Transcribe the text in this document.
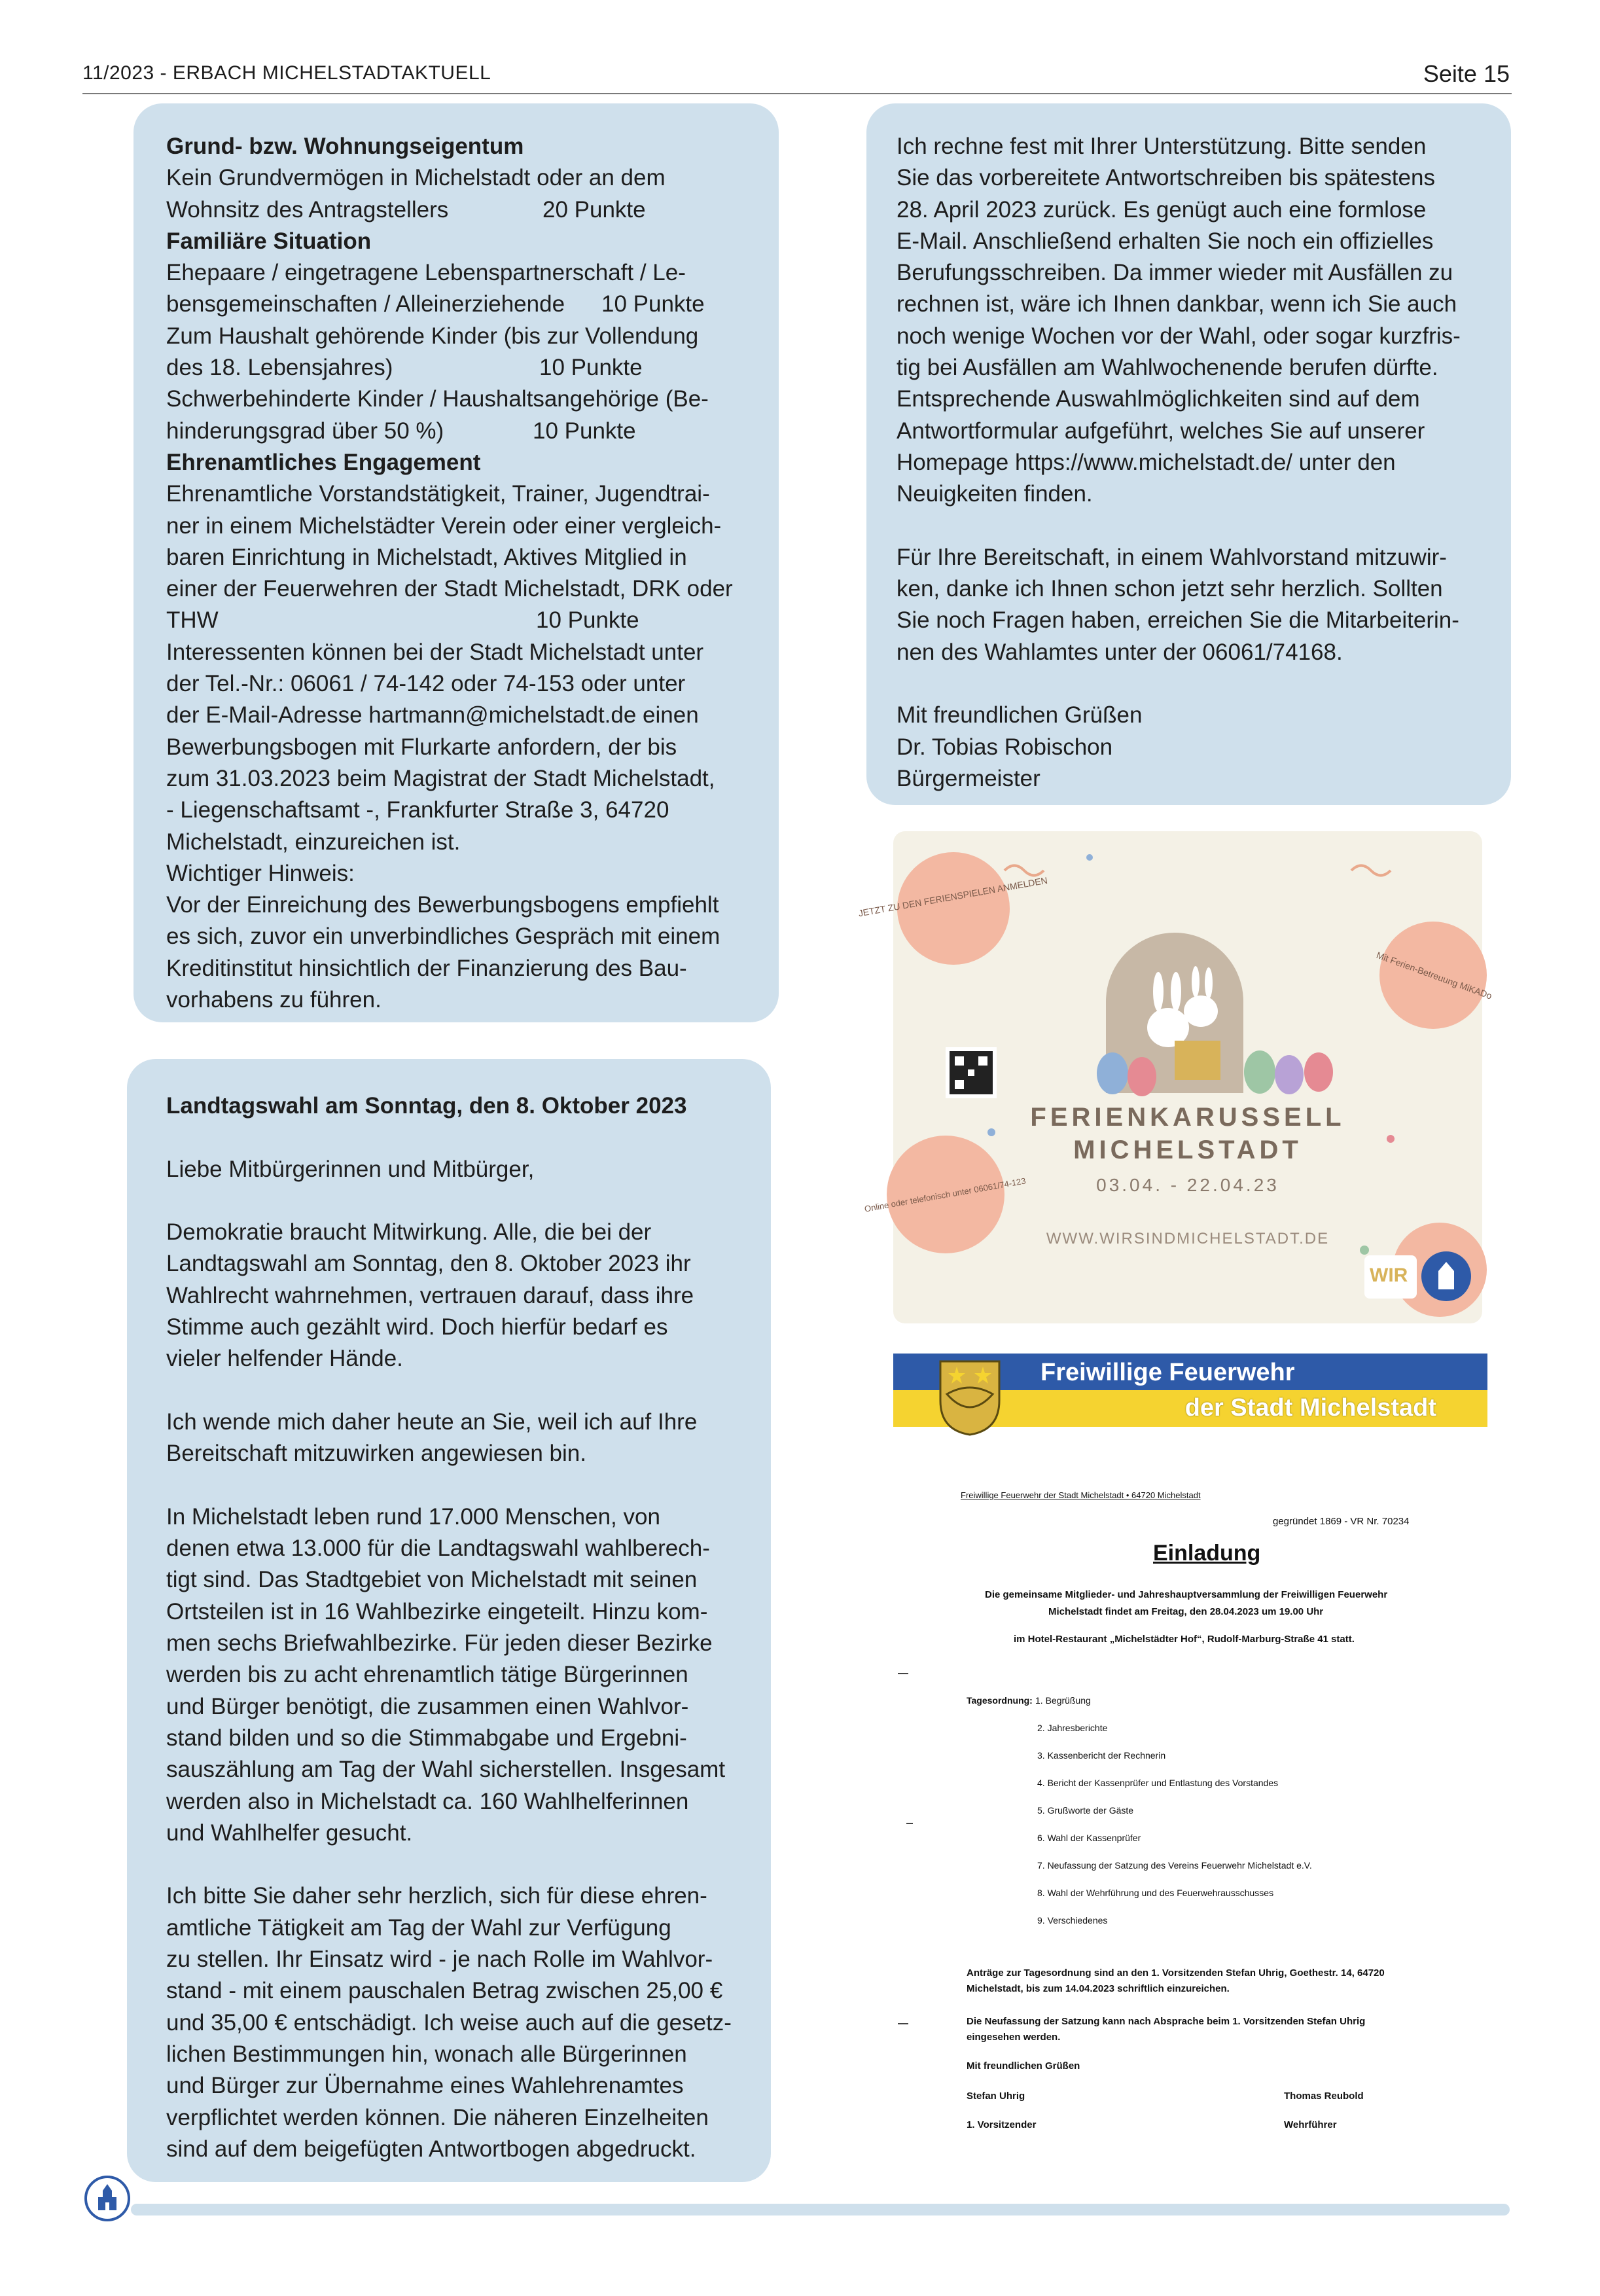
11/2023 - ERBACH MICHELSTADTAKTUELL	Seite 15

Grund- bzw. Wohnungseigentum

Kein Grundvermögen in Michelstadt oder an dem

Wohnsitz des Antragstellers	20 Punkte

Familiäre Situation

Ehepaare / eingetragene Lebenspartnerschaft / Le-

bensgemeinschaften / Alleinerziehende	10 Punkte

Zum Haushalt gehörende Kinder (bis zur Vollendung

des 18. Lebensjahres)	10 Punkte

Schwerbehinderte Kinder / Haushaltsangehörige (Be-

hinderungsgrad über 50 %)	10 Punkte

Ehrenamtliches Engagement

Ehrenamtliche Vorstandstätigkeit, Trainer, Jugendtrai-

ner in einem Michelstädter Verein oder einer vergleich-

baren Einrichtung in Michelstadt, Aktives Mitglied in

einer der Feuerwehren der Stadt Michelstadt, DRK oder

THW	10 Punkte

Interessenten können bei der Stadt Michelstadt unter

der Tel.-Nr.: 06061 / 74-142 oder 74-153 oder unter

der E-Mail-Adresse hartmann@michelstadt.de einen

Bewerbungsbogen mit Flurkarte anfordern, der bis

zum 31.03.2023 beim Magistrat der Stadt Michelstadt,

- Liegenschaftsamt -, Frankfurter Straße 3, 64720

Michelstadt, einzureichen ist.

Wichtiger Hinweis:

Vor der Einreichung des Bewerbungsbogens empfiehlt

es sich, zuvor ein unverbindliches Gespräch mit einem

Kreditinstitut hinsichtlich der Finanzierung des Bau-

vorhabens zu führen.

Landtagswahl am Sonntag, den 8. Oktober 2023

Liebe Mitbürgerinnen und Mitbürger,

Demokratie braucht Mitwirkung. Alle, die bei der

Landtagswahl am Sonntag, den 8. Oktober 2023 ihr

Wahlrecht wahrnehmen, vertrauen darauf, dass ihre

Stimme auch gezählt wird. Doch hierfür bedarf es

vieler helfender Hände.

Ich wende mich daher heute an Sie, weil ich auf Ihre

Bereitschaft mitzuwirken angewiesen bin.

In Michelstadt leben rund 17.000 Menschen, von

denen etwa 13.000 für die Landtagswahl wahlberech-

tigt sind. Das Stadtgebiet von Michelstadt mit seinen

Ortsteilen ist in 16 Wahlbezirke eingeteilt. Hinzu kom-

men sechs Briefwahlbezirke. Für jeden dieser Bezirke

werden bis zu acht ehrenamtlich tätige Bürgerinnen

und Bürger benötigt, die zusammen einen Wahlvor-

stand bilden und so die Stimmabgabe und Ergebni-

sauszählung am Tag der Wahl sicherstellen. Insgesamt

werden also in Michelstadt ca. 160 Wahlhelferinnen

und Wahlhelfer gesucht.

Ich bitte Sie daher sehr herzlich, sich für diese ehren-

amtliche Tätigkeit am Tag der Wahl zur Verfügung

zu stellen. Ihr Einsatz wird - je nach Rolle im Wahlvor-

stand - mit einem pauschalen Betrag zwischen 25,00 €

und 35,00 € entschädigt. Ich weise auch auf die gesetz-

lichen Bestimmungen hin, wonach alle Bürgerinnen

und Bürger zur Übernahme eines Wahlehrenamtes

verpflichtet werden können. Die näheren Einzelheiten

sind auf dem beigefügten Antwortbogen abgedruckt.

Ich rechne fest mit Ihrer Unterstützung. Bitte senden

Sie das vorbereitete Antwortschreiben bis spätestens

28. April 2023 zurück. Es genügt auch eine formlose

E-Mail. Anschließend erhalten Sie noch ein offizielles

Berufungsschreiben. Da immer wieder mit Ausfällen zu

rechnen ist, wäre ich Ihnen dankbar, wenn ich Sie auch

noch wenige Wochen vor der Wahl, oder sogar kurzfris-

tig bei Ausfällen am Wahlwochenende berufen dürfte.

Entsprechende Auswahlmöglichkeiten sind auf dem

Antwortformular aufgeführt, welches Sie auf unserer

Homepage https://www.michelstadt.de/ unter den

Neuigkeiten finden.

Für Ihre Bereitschaft, in einem Wahlvorstand mitzuwir-

ken, danke ich Ihnen schon jetzt sehr herzlich. Sollten

Sie noch Fragen haben, erreichen Sie die Mitarbeiterin-

nen des Wahlamtes unter der 06061/74168.

Mit freundlichen Grüßen

Dr. Tobias Robischon

Bürgermeister

WIR
JETZT ZU DEN FERIENSPIELEN ANMELDEN
Mit Ferien-Betreuung MiKADo
Online oder telefonisch unter 06061/74-123
FERIENKARUSSELL
MICHELSTADT
03.04. - 22.04.23
WWW.WIRSINDMICHELSTADT.DE
Freiwillige Feuerwehr
der Stadt Michelstadt
Freiwillige Feuerwehr der Stadt Michelstadt • 64720 Michelstadt
gegründet 1869 - VR Nr. 70234
Einladung
Die gemeinsame Mitglieder- und Jahreshauptversammlung der Freiwilligen Feuerwehr
Michelstadt findet am Freitag, den 28.04.2023 um 19.00 Uhr
im Hotel-Restaurant „Michelstädter Hof“, Rudolf-Marburg-Straße 41 statt.
Tagesordnung: 1. Begrüßung
2. Jahresberichte
3. Kassenbericht der Rechnerin
4. Bericht der Kassenprüfer und Entlastung des Vorstandes
5. Grußworte der Gäste
6. Wahl der Kassenprüfer
7. Neufassung der Satzung des Vereins Feuerwehr Michelstadt e.V.
8. Wahl der Wehrführung und des Feuerwehrausschusses
9. Verschiedenes
Anträge zur Tagesordnung sind an den 1. Vorsitzenden Stefan Uhrig, Goethestr. 14, 64720
Michelstadt, bis zum 14.04.2023 schriftlich einzureichen.
Die Neufassung der Satzung kann nach Absprache beim 1. Vorsitzenden Stefan Uhrig
eingesehen werden.
Mit freundlichen Grüßen
Stefan Uhrig	Thomas Reubold
1. Vorsitzender	Wehrführer
